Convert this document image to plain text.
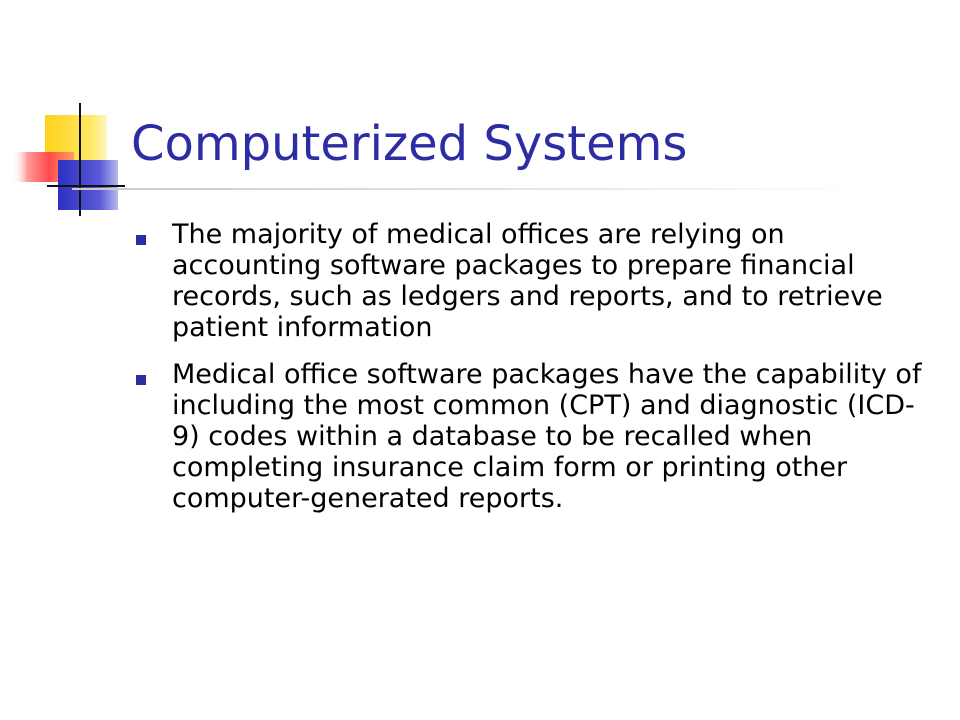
Computerized Systems
The majority of medical offices are relying on accounting software packages to prepare financial records, such as ledgers and reports, and to retrieve patient information
Medical office software packages have the capability of including the most common (CPT) and diagnostic (ICD-9) codes within a database to be recalled when completing insurance claim form or printing other computer-generated reports.
